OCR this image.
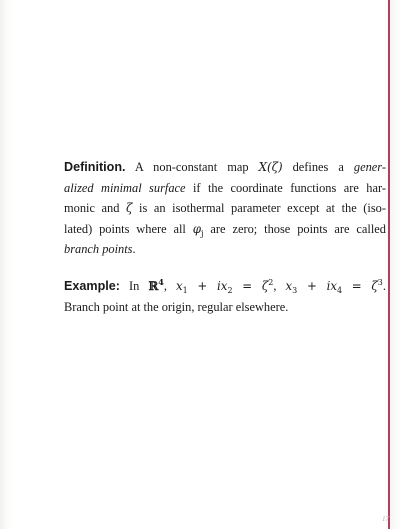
Definition. A non-constant map X(ζ) defines a gener-
alized minimal surface if the coordinate functions are har-
monic and ζ is an isothermal parameter except at the (iso-
lated) points where all $\varphi_j$ are zero; those points are called
branch points.
Example: In ℝ$^4$, $x_1 + ix_2 = \zeta^2$, $x_3 + ix_4 = \zeta^3$.
Branch point at the origin, regular elsewhere.
17
